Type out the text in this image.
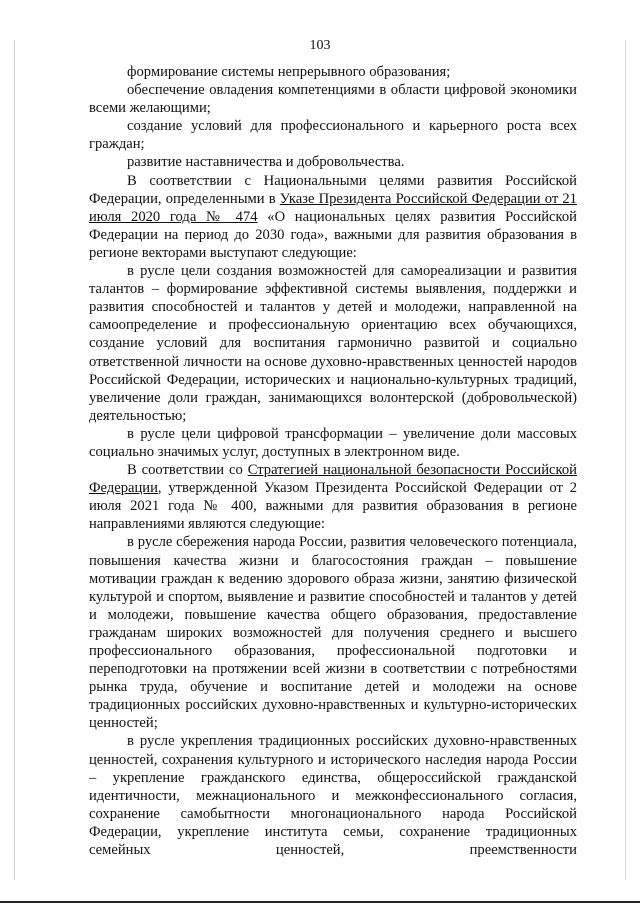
103

формирование системы непрерывного образования;

обеспечение овладения компетенциями в области цифровой экономики всеми желающими;

создание условий для профессионального и карьерного роста всех граждан;

развитие наставничества и добровольчества.

В соответствии с Национальными целями развития Российской Федерации, определенными в Указе Президента Российской Федерации от 21 июля 2020 года № 474 «О национальных целях развития Российской Федерации на период до 2030 года», важными для развития образования в регионе векторами выступают следующие:

в русле цели создания возможностей для самореализации и развития талантов – формирование эффективной системы выявления, поддержки и развития способностей и талантов у детей и молодежи, направленной на самоопределение и профессиональную ориентацию всех обучающихся, создание условий для воспитания гармонично развитой и социально ответственной личности на основе духовно-нравственных ценностей народов Российской Федерации, исторических и национально-культурных традиций, увеличение доли граждан, занимающихся волонтерской (добровольческой) деятельностью;

в русле цели цифровой трансформации – увеличение доли массовых социально значимых услуг, доступных в электронном виде.

В соответствии со Стратегией национальной безопасности Российской Федерации, утвержденной Указом Президента Российской Федерации от 2 июля 2021 года № 400, важными для развития образования в регионе направлениями являются следующие:

в русле сбережения народа России, развития человеческого потенциала, повышения качества жизни и благосостояния граждан – повышение мотивации граждан к ведению здорового образа жизни, занятию физической культурой и спортом, выявление и развитие способностей и талантов у детей и молодежи, повышение качества общего образования, предоставление гражданам широких возможностей для получения среднего и высшего профессионального образования, профессиональной подготовки и переподготовки на протяжении всей жизни в соответствии с потребностями рынка труда, обучение и воспитание детей и молодежи на основе традиционных российских духовно-нравственных и культурно-исторических ценностей;

в русле укрепления традиционных российских духовно-нравственных ценностей, сохранения культурного и исторического наследия народа России – укрепление гражданского единства, общероссийской гражданской идентичности, межнационального и межконфессионального согласия, сохранение самобытности многонационального народа Российской Федерации, укрепление института семьи, сохранение традиционных семейных ценностей, преемственности
